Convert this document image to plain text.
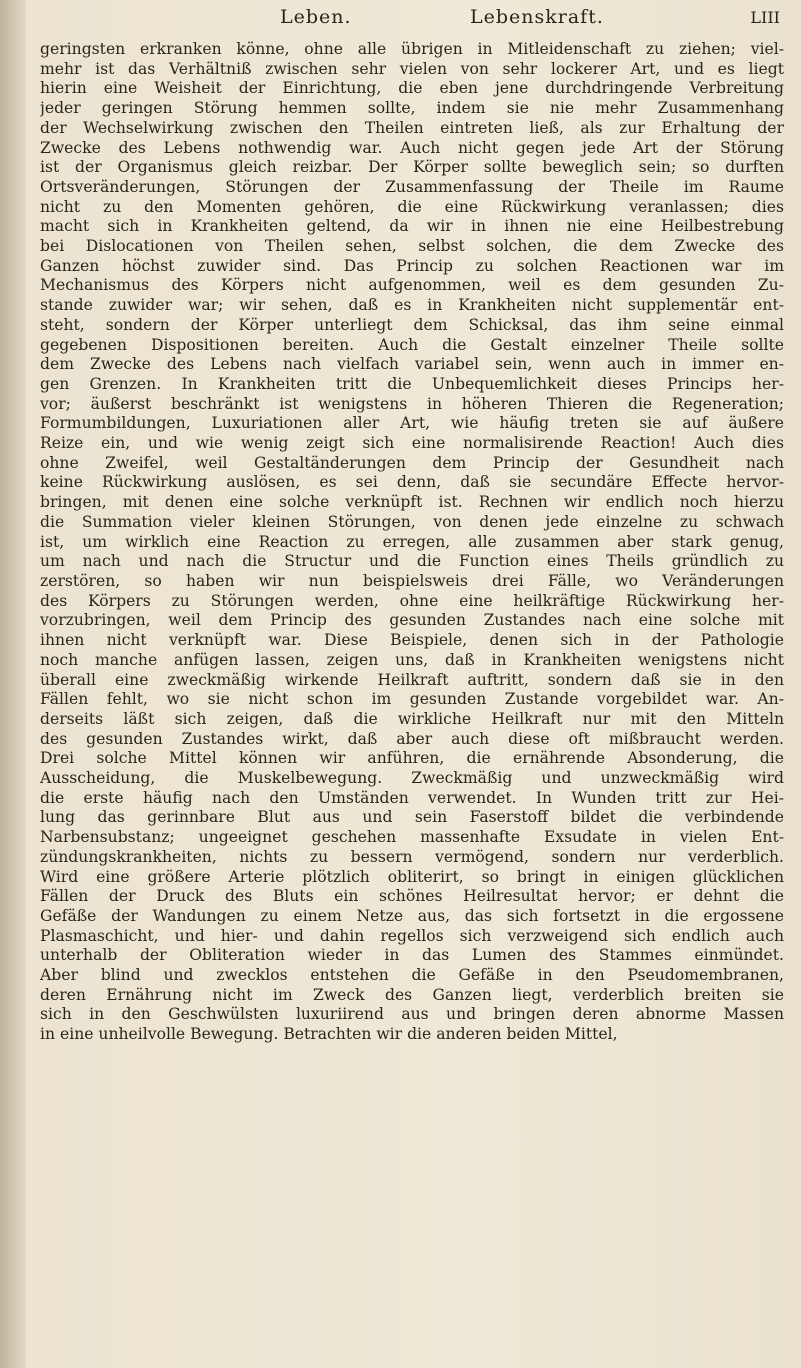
Leben.	Lebenskraft.	LIII
geringsten erkranken könne, ohne alle übrigen in Mitleidenschaft zu ziehen; viel-
mehr ist das Verhältniß zwischen sehr vielen von sehr lockerer Art, und es liegt
hierin eine Weisheit der Einrichtung, die eben jene durchdringende Verbreitung
jeder geringen Störung hemmen sollte, indem sie nie mehr Zusammenhang
der Wechselwirkung zwischen den Theilen eintreten ließ, als zur Erhaltung der
Zwecke des Lebens nothwendig war. Auch nicht gegen jede Art der Störung
ist der Organismus gleich reizbar. Der Körper sollte beweglich sein; so durften
Ortsveränderungen, Störungen der Zusammenfassung der Theile im Raume
nicht zu den Momenten gehören, die eine Rückwirkung veranlassen; dies
macht sich in Krankheiten geltend, da wir in ihnen nie eine Heilbestrebung
bei Dislocationen von Theilen sehen, selbst solchen, die dem Zwecke des
Ganzen höchst zuwider sind. Das Princip zu solchen Reactionen war im
Mechanismus des Körpers nicht aufgenommen, weil es dem gesunden Zu-
stande zuwider war; wir sehen, daß es in Krankheiten nicht supplementär ent-
steht, sondern der Körper unterliegt dem Schicksal, das ihm seine einmal
gegebenen Dispositionen bereiten. Auch die Gestalt einzelner Theile sollte
dem Zwecke des Lebens nach vielfach variabel sein, wenn auch in immer en-
gen Grenzen. In Krankheiten tritt die Unbequemlichkeit dieses Princips her-
vor; äußerst beschränkt ist wenigstens in höheren Thieren die Regeneration;
Formumbildungen, Luxuriationen aller Art, wie häufig treten sie auf äußere
Reize ein, und wie wenig zeigt sich eine normalisirende Reaction! Auch dies
ohne Zweifel, weil Gestaltänderungen dem Princip der Gesundheit nach
keine Rückwirkung auslösen, es sei denn, daß sie secundäre Effecte hervor-
bringen, mit denen eine solche verknüpft ist. Rechnen wir endlich noch hierzu
die Summation vieler kleinen Störungen, von denen jede einzelne zu schwach
ist, um wirklich eine Reaction zu erregen, alle zusammen aber stark genug,
um nach und nach die Structur und die Function eines Theils gründlich zu
zerstören, so haben wir nun beispielsweis drei Fälle, wo Veränderungen
des Körpers zu Störungen werden, ohne eine heilkräftige Rückwirkung her-
vorzubringen, weil dem Princip des gesunden Zustandes nach eine solche mit
ihnen nicht verknüpft war. Diese Beispiele, denen sich in der Pathologie
noch manche anfügen lassen, zeigen uns, daß in Krankheiten wenigstens nicht
überall eine zweckmäßig wirkende Heilkraft auftritt, sondern daß sie in den
Fällen fehlt, wo sie nicht schon im gesunden Zustande vorgebildet war. An-
derseits läßt sich zeigen, daß die wirkliche Heilkraft nur mit den Mitteln
des gesunden Zustandes wirkt, daß aber auch diese oft mißbraucht werden.
Drei solche Mittel können wir anführen, die ernährende Absonderung, die
Ausscheidung, die Muskelbewegung. Zweckmäßig und unzweckmäßig wird
die erste häufig nach den Umständen verwendet. In Wunden tritt zur Hei-
lung das gerinnbare Blut aus und sein Faserstoff bildet die verbindende
Narbensubstanz; ungeeignet geschehen massenhafte Exsudate in vielen Ent-
zündungskrankheiten, nichts zu bessern vermögend, sondern nur verderblich.
Wird eine größere Arterie plötzlich obliterirt, so bringt in einigen glücklichen
Fällen der Druck des Bluts ein schönes Heilresultat hervor; er dehnt die
Gefäße der Wandungen zu einem Netze aus, das sich fortsetzt in die ergossene
Plasmaschicht, und hier- und dahin regellos sich verzweigend sich endlich auch
unterhalb der Obliteration wieder in das Lumen des Stammes einmündet.
Aber blind und zwecklos entstehen die Gefäße in den Pseudomembranen,
deren Ernährung nicht im Zweck des Ganzen liegt, verderblich breiten sie
sich in den Geschwülsten luxuriirend aus und bringen deren abnorme Massen
in eine unheilvolle Bewegung. Betrachten wir die anderen beiden Mittel,
